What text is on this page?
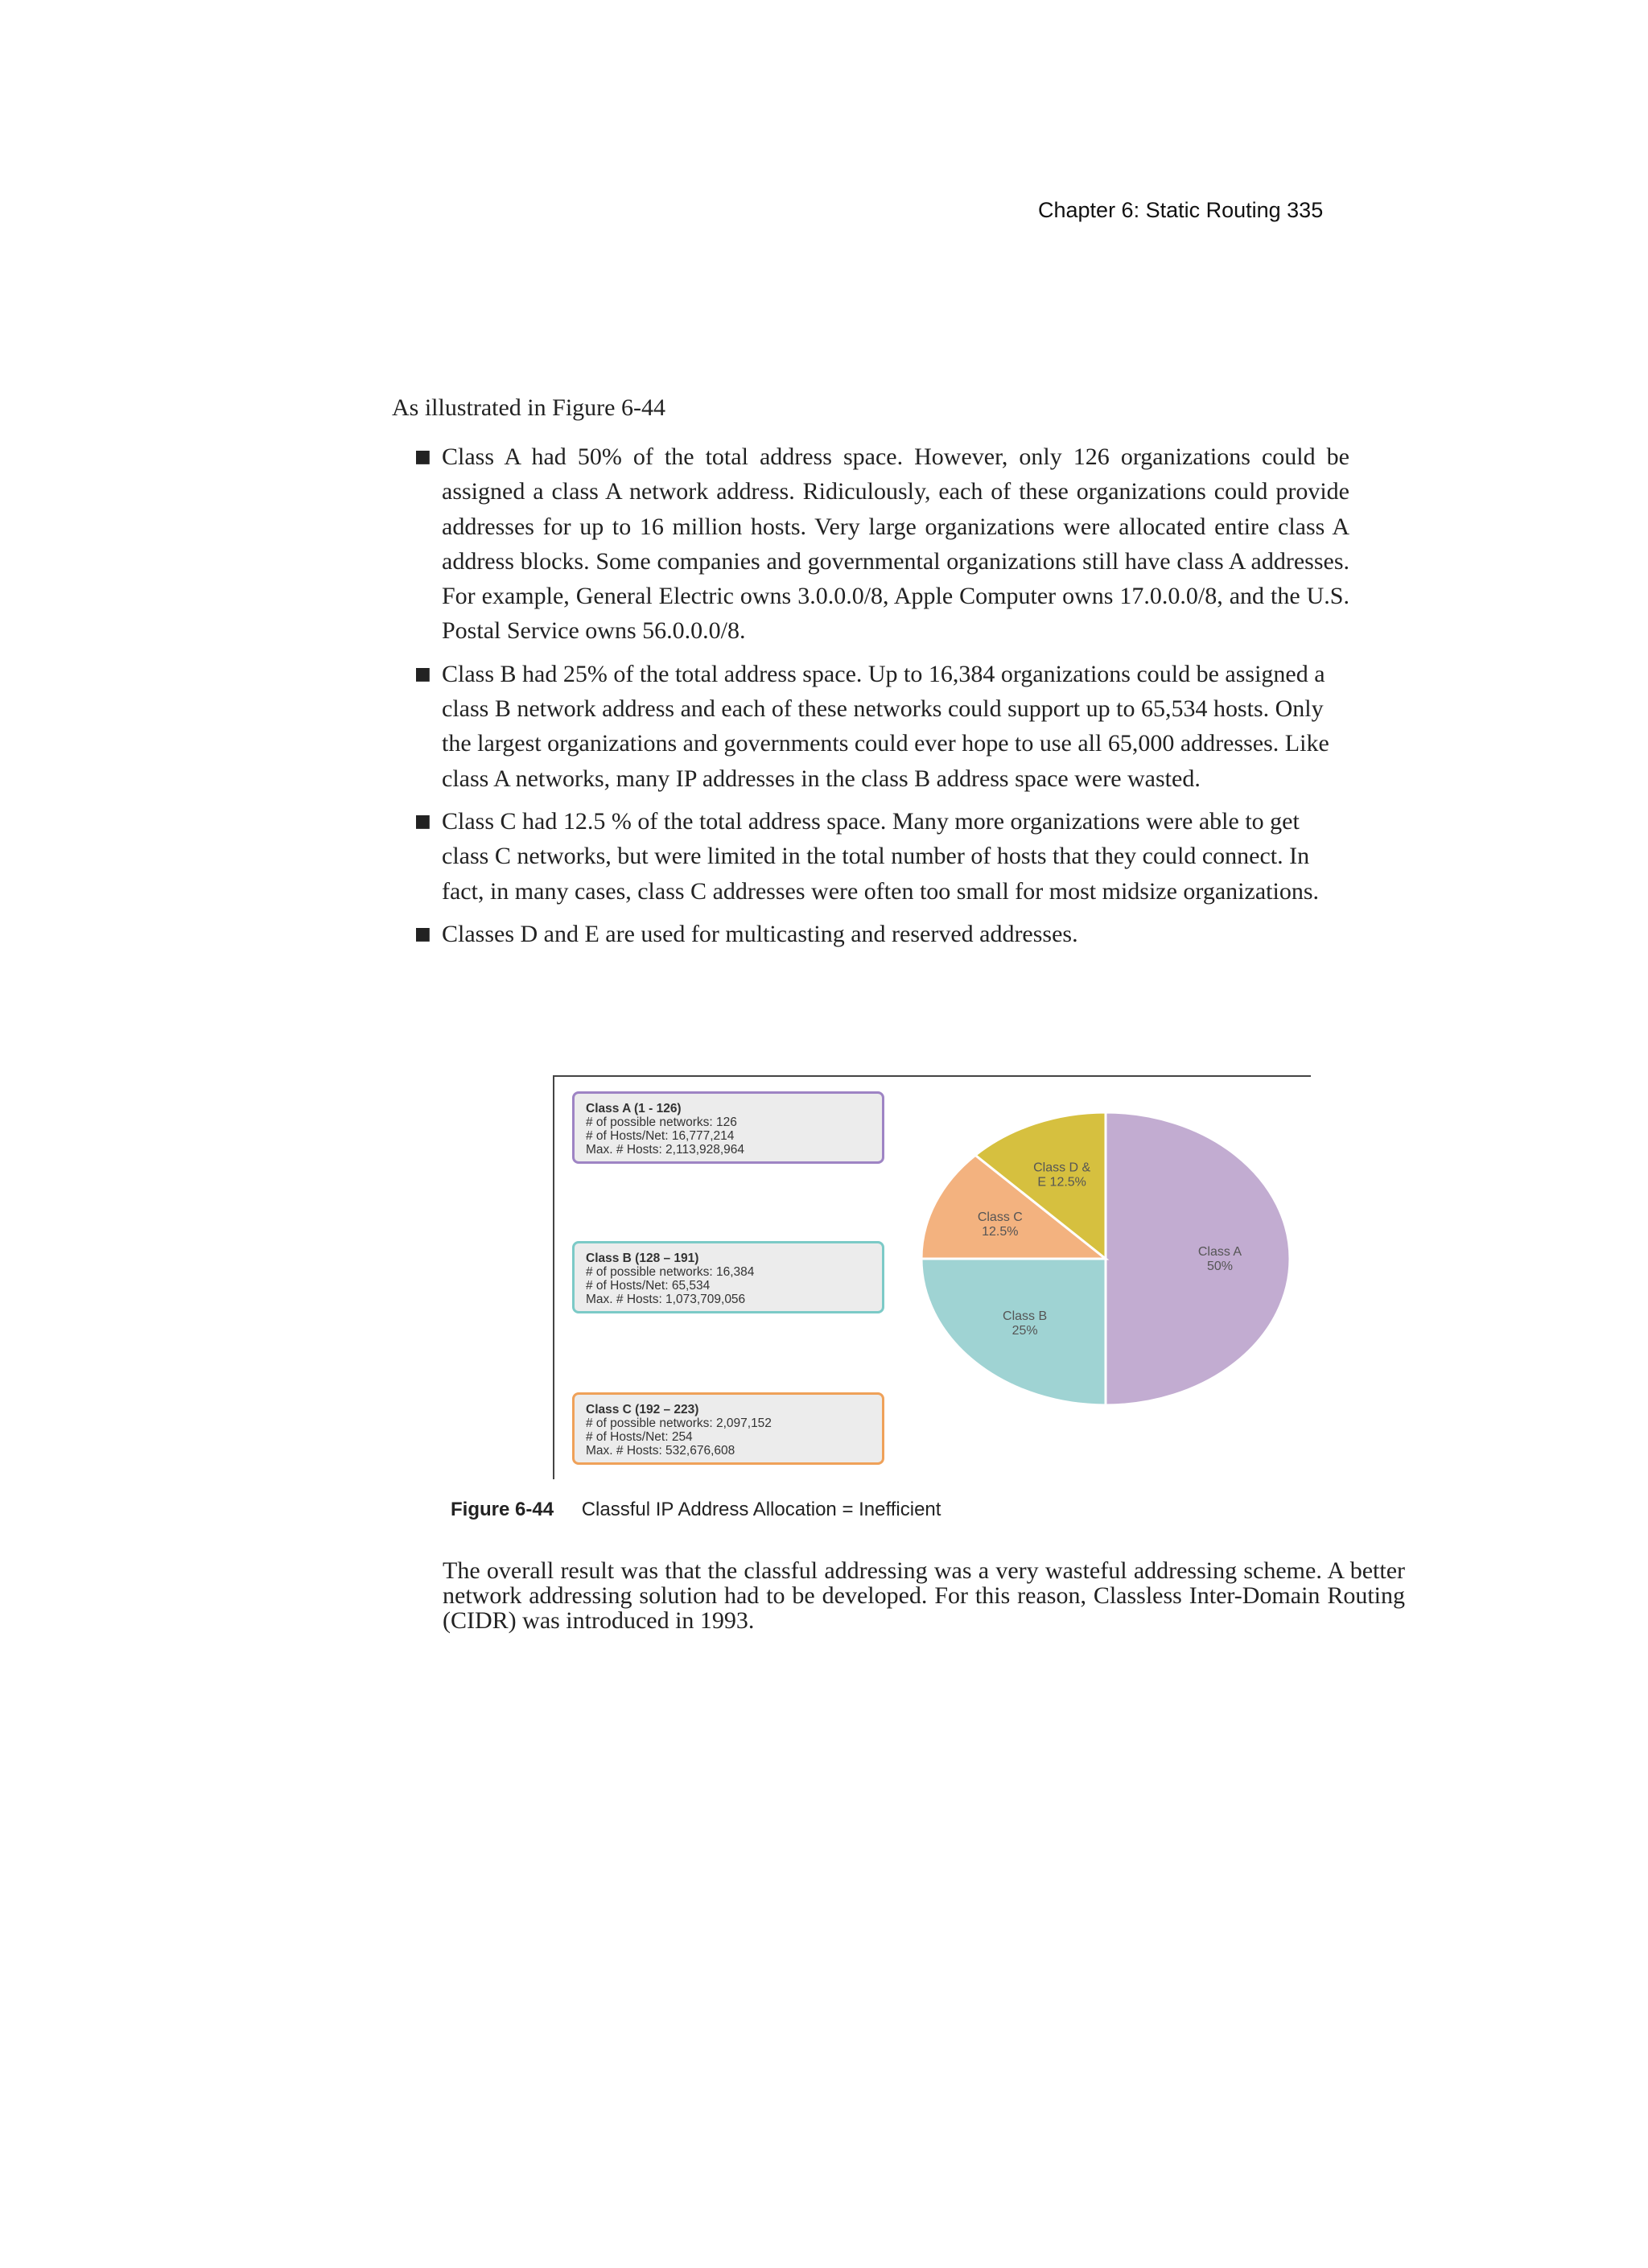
Chapter 6: Static Routing 335
As illustrated in Figure 6-44
■ Class A had 50% of the total address space. However, only 126 organizations could be assigned a class A network address. Ridiculously, each of these organizations could provide addresses for up to 16 million hosts. Very large organizations were allocated entire class A address blocks. Some companies and governmental organizations still have class A addresses. For example, General Electric owns 3.0.0.0/8, Apple Computer owns 17.0.0.0/8, and the U.S. Postal Service owns 56.0.0.0/8.
■ Class B had 25% of the total address space. Up to 16,384 organizations could be assigned a class B network address and each of these networks could support up to 65,534 hosts. Only the largest organizations and governments could ever hope to use all 65,000 addresses. Like class A networks, many IP addresses in the class B address space were wasted.
■ Class C had 12.5 % of the total address space. Many more organizations were able to get class C networks, but were limited in the total number of hosts that they could connect. In fact, in many cases, class C addresses were often too small for most midsize organizations.
■ Classes D and E are used for multicasting and reserved addresses.
Class A (1 - 126)
# of possible networks: 126
# of Hosts/Net: 16,777,214
Max. # Hosts: 2,113,928,964
Class B (128 – 191)
# of possible networks: 16,384
# of Hosts/Net: 65,534
Max. # Hosts: 1,073,709,056
Class C (192 – 223)
# of possible networks: 2,097,152
# of Hosts/Net: 254
Max. # Hosts: 532,676,608
Class A 50%
Class B 25%
Class C 12.5%
Class D & E 12.5%
Figure 6-44 Classful IP Address Allocation = Inefficient

The overall result was that the classful addressing was a very wasteful addressing scheme. A better network addressing solution had to be developed. For this reason, Classless Inter-Domain Routing (CIDR) was introduced in 1993.
